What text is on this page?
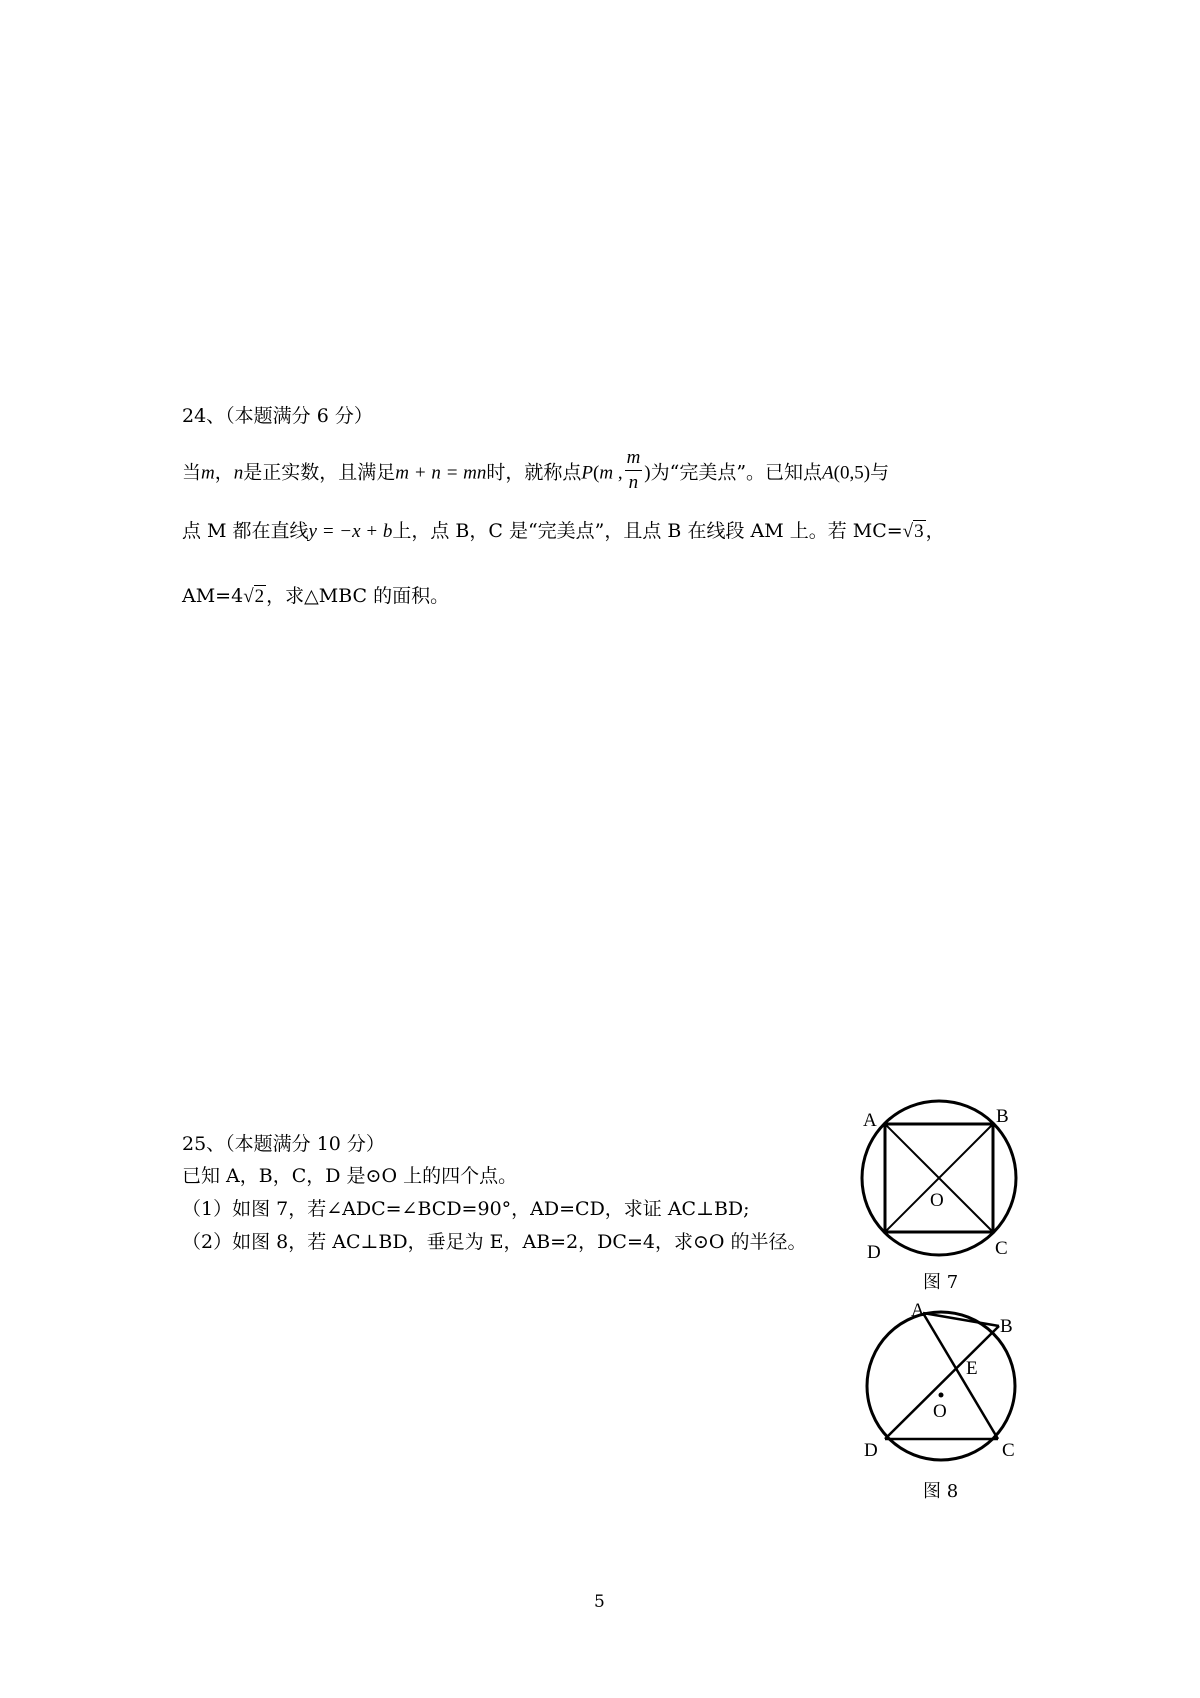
24、（本题满分 6 分）
当m，n是正实数，且满足m + n = mn时，就称点P(m , $\frac{m}{n}$ )为“完美点”。已知点A(0,5)与
点 M 都在直线y = −x + b上，点 B，C 是“完美点”，且点 B 在线段 AM 上。若 MC=√3 ，
AM=4√2 ，求△MBC 的面积。
25、（本题满分 10 分）
已知 A，B，C，D 是⊙O 上的四个点。
（1）如图 7，若∠ADC=∠BCD=90°，AD=CD，求证 AC⊥BD;
（2）如图 8，若 AC⊥BD，垂足为 E，AB=2，DC=4，求⊙O 的半径。
A	B
C
D
O
图 7
A
B
C
D
E
O
图 8
5
